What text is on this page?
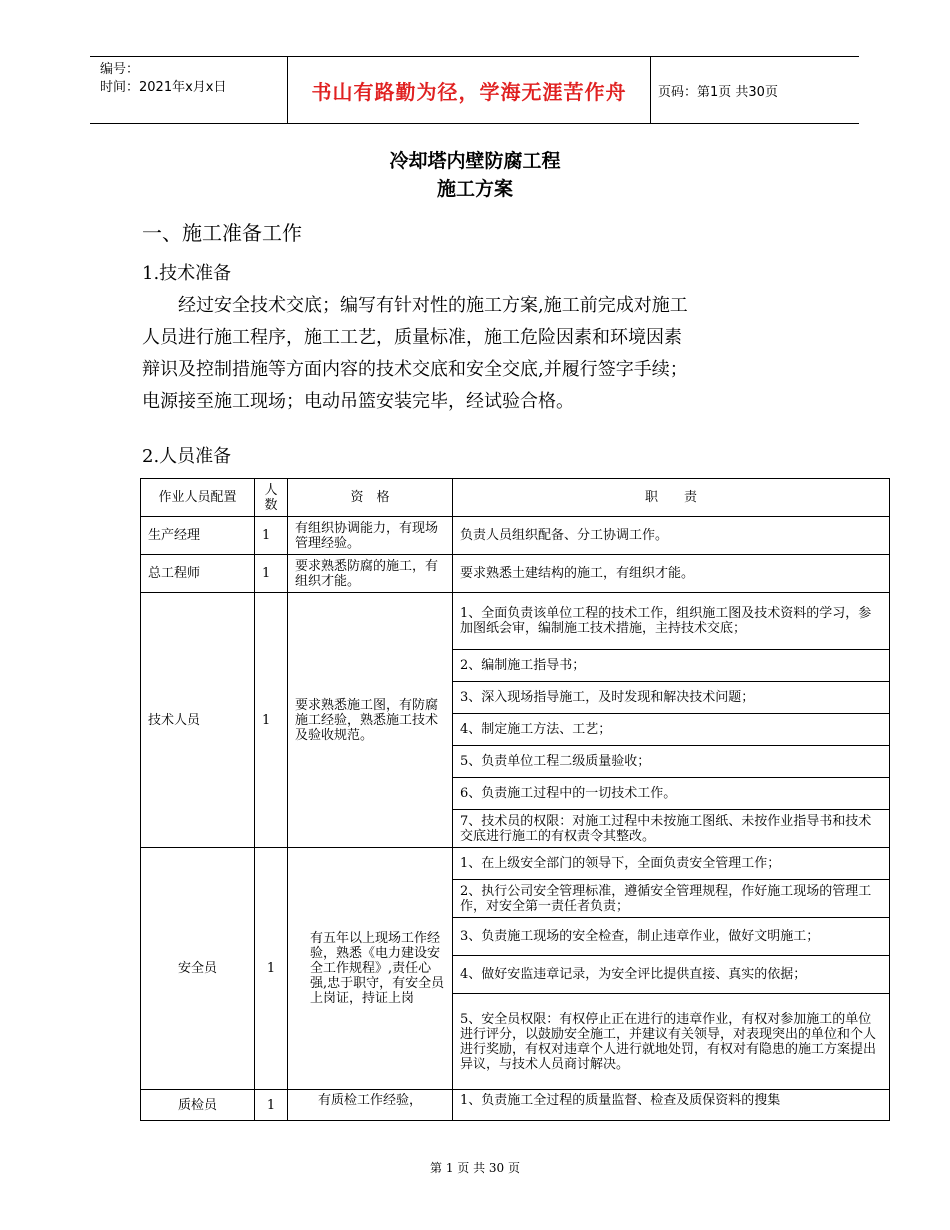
编号：
时间：2021年x月x日	书山有路勤为径，学海无涯苦作舟	页码：第1页 共30页
冷却塔内壁防腐工程
施工方案
一、施工准备工作
1.技术准备
经过安全技术交底；编写有针对性的施工方案,施工前完成对施工
人员进行施工程序，施工工艺，质量标准，施工危险因素和环境因素
辩识及控制措施等方面内容的技术交底和安全交底,并履行签字手续；
电源接至施工现场；电动吊篮安装完毕，经试验合格。
2.人员准备
作业人员配置	人数	资　格	职　　责
生产经理	1	有组织协调能力，有现场管理经验。	负责人员组织配备、分工协调工作。
总工程师	1	要求熟悉防腐的施工，有组织才能。	要求熟悉土建结构的施工，有组织才能。
技术人员	1	要求熟悉施工图，有防腐施工经验，熟悉施工技术及验收规范。	1、全面负责该单位工程的技术工作，组织施工图及技术资料的学习，参加图纸会审，编制施工技术措施，主持技术交底；
			2、编制施工指导书；
			3、深入现场指导施工，及时发现和解决技术问题；
			4、制定施工方法、工艺；
			5、负责单位工程二级质量验收；
			6、负责施工过程中的一切技术工作。
			7、技术员的权限：对施工过程中未按施工图纸、未按作业指导书和技术交底进行施工的有权责令其整改。
安全员	1	有五年以上现场工作经验，熟悉《电力建设安全工作规程》,责任心强,忠于职守，有安全员上岗证，持证上岗	1、在上级安全部门的领导下，全面负责安全管理工作；
			2、执行公司安全管理标准，遵循安全管理规程，作好施工现场的管理工作，对安全第一责任者负责；
			3、负责施工现场的安全检查，制止违章作业，做好文明施工；
			4、做好安监违章记录，为安全评比提供直接、真实的依据；
			5、安全员权限：有权停止正在进行的违章作业，有权对参加施工的单位进行评分，以鼓励安全施工，并建议有关领导，对表现突出的单位和个人进行奖励，有权对违章个人进行就地处罚，有权对有隐患的施工方案提出异议，与技术人员商讨解决。
质检员	1	有质检工作经验，	1、负责施工全过程的质量监督、检查及质保资料的搜集
第 1 页 共 30 页
